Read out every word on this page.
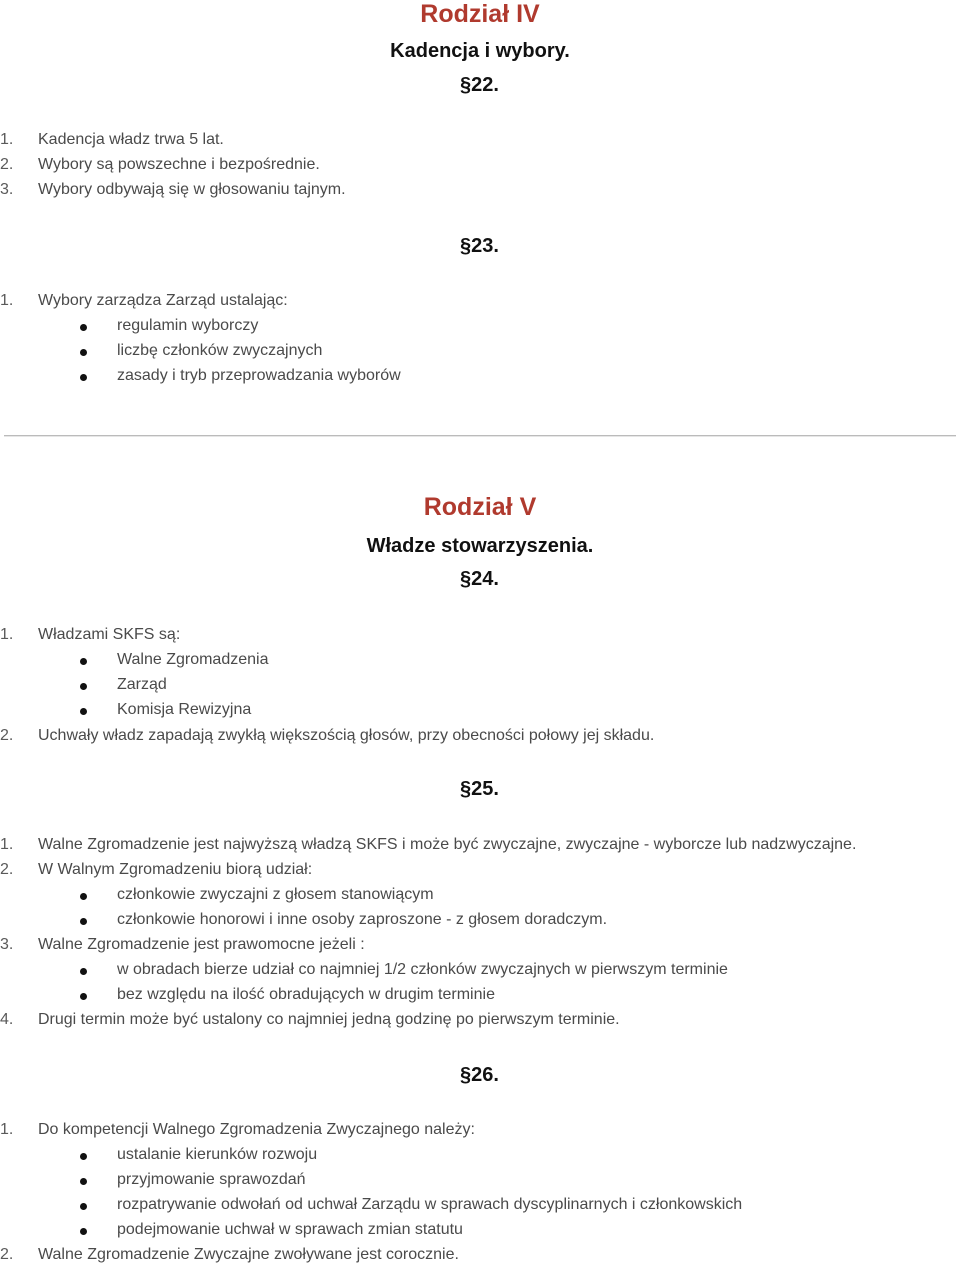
Rodział IV
Kadencja i wybory.
§22.
1. Kadencja władz trwa 5 lat.
2. Wybory są powszechne i bezpośrednie.
3. Wybory odbywają się w głosowaniu tajnym.
§23.
1. Wybory zarządza Zarząd ustalając:
regulamin wyborczy
liczbę członków zwyczajnych
zasady i tryb przeprowadzania wyborów
Rodział V
Władze stowarzyszenia.
§24.
1. Władzami SKFS są:
Walne Zgromadzenia
Zarząd
Komisja Rewizyjna
2. Uchwały władz zapadają zwykłą większością głosów, przy obecności połowy jej składu.
§25.
1. Walne Zgromadzenie jest najwyższą władzą SKFS i może być zwyczajne, zwyczajne - wyborcze lub nadzwyczajne.
2. W Walnym Zgromadzeniu biorą udział:
członkowie zwyczajni z głosem stanowiącym
członkowie honorowi i inne osoby zaproszone - z głosem doradczym.
3. Walne Zgromadzenie jest prawomocne jeżeli :
w obradach bierze udział co najmniej 1/2 członków zwyczajnych w pierwszym terminie
bez względu na ilość obradujących w drugim terminie
4. Drugi termin może być ustalony co najmniej jedną godzinę po pierwszym terminie.
§26.
1. Do kompetencji Walnego Zgromadzenia Zwyczajnego należy:
ustalanie kierunków rozwoju
przyjmowanie sprawozdań
rozpatrywanie odwołań od uchwał Zarządu w sprawach dyscyplinarnych i członkowskich
podejmowanie uchwał w sprawach zmian statutu
2. Walne Zgromadzenie Zwyczajne zwoływane jest corocznie.
